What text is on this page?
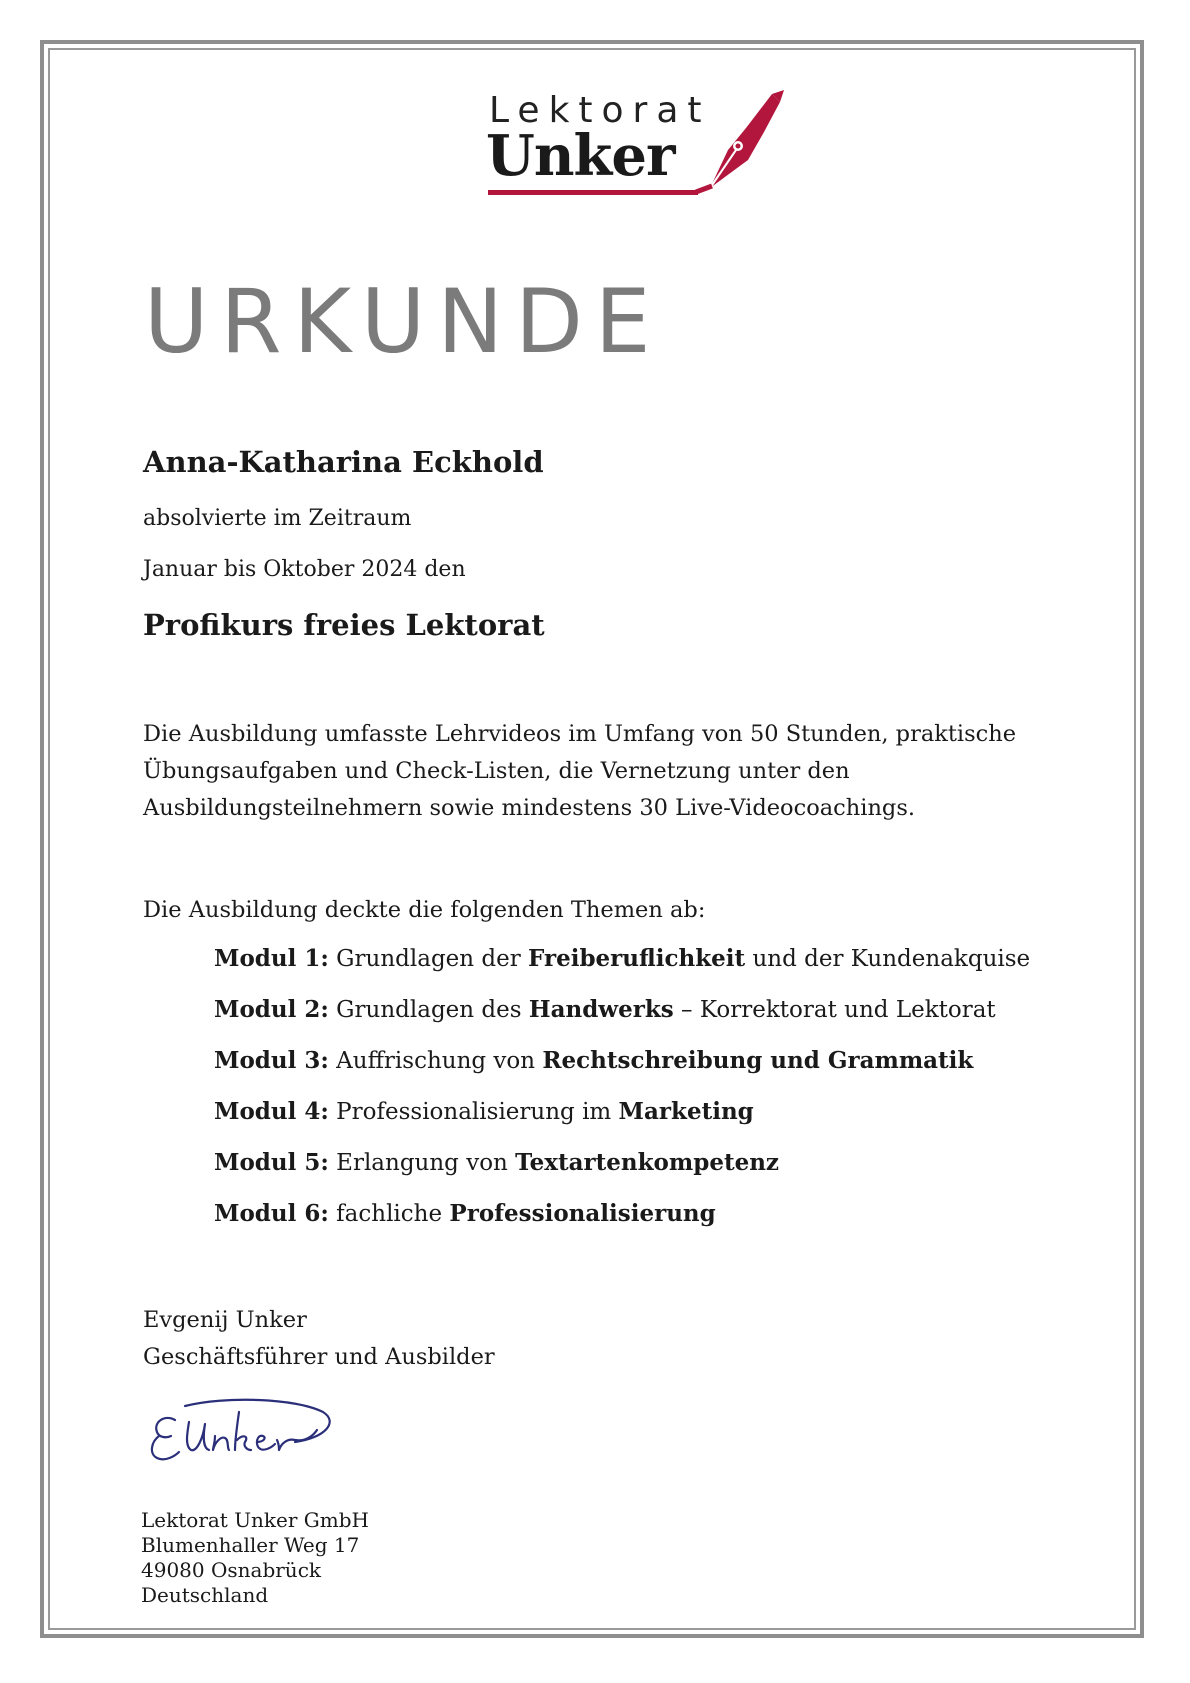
Lektorat
Unker
URKUNDE
Anna-Katharina Eckhold
absolvierte im Zeitraum
Januar bis Oktober 2024 den
Profikurs freies Lektorat
Die Ausbildung umfasste Lehrvideos im Umfang von 50 Stunden, praktische
Übungsaufgaben und Check-Listen, die Vernetzung unter den
Ausbildungsteilnehmern sowie mindestens 30 Live-Videocoachings.
Die Ausbildung deckte die folgenden Themen ab:
Modul 1: Grundlagen der Freiberuflichkeit und der Kundenakquise
Modul 2: Grundlagen des Handwerks – Korrektorat und Lektorat
Modul 3: Auffrischung von Rechtschreibung und Grammatik
Modul 4: Professionalisierung im Marketing
Modul 5: Erlangung von Textartenkompetenz
Modul 6: fachliche Professionalisierung
Evgenij Unker
Geschäftsführer und Ausbilder
Lektorat Unker GmbH
Blumenhaller Weg 17
49080 Osnabrück
Deutschland
